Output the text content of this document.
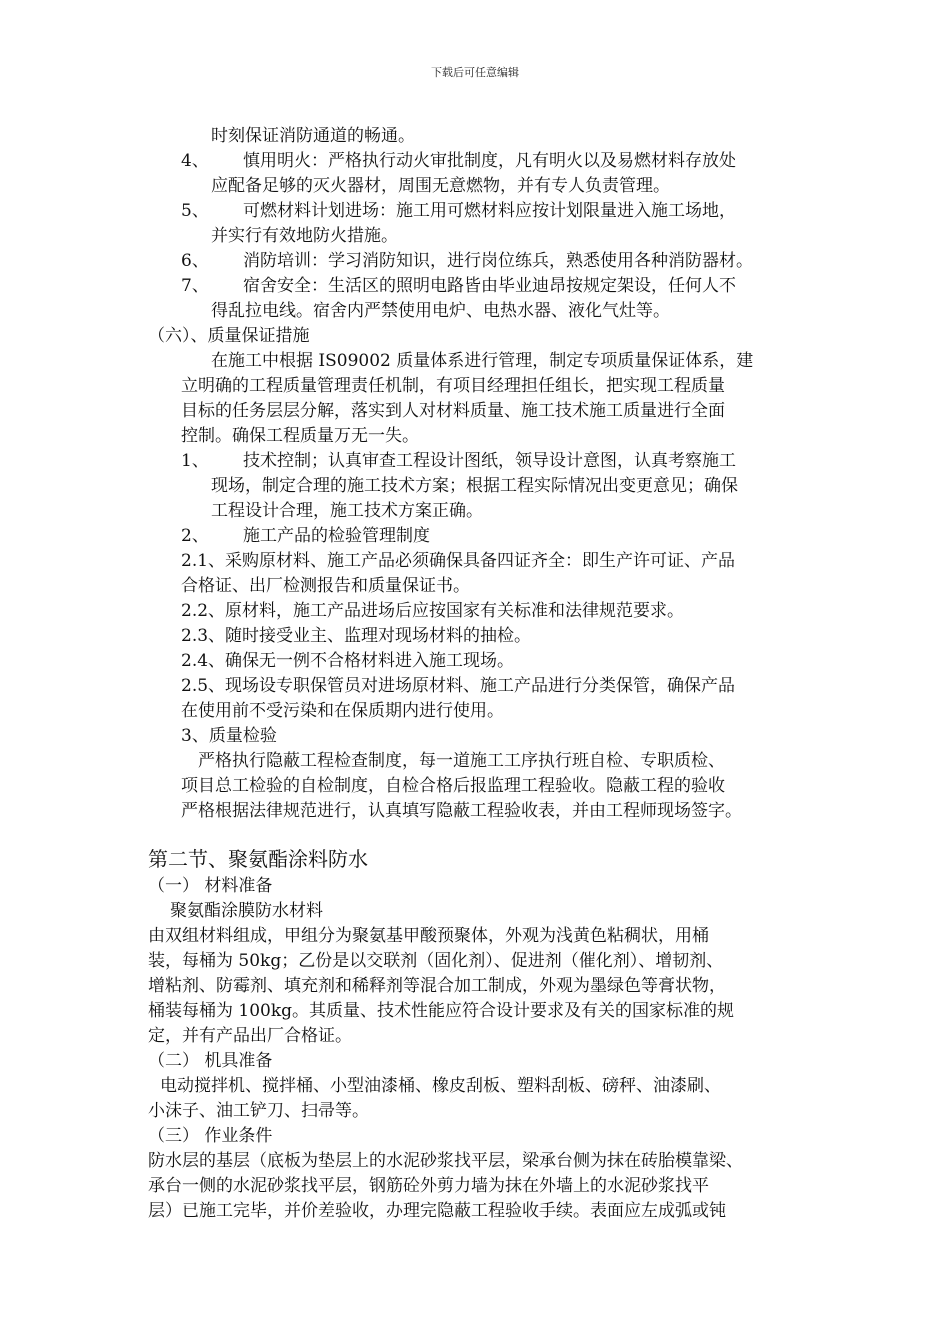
下载后可任意编辑
时刻保证消防通道的畅通。
4、 慎用明火：严格执行动火审批制度，凡有明火以及易燃材料存放处
应配备足够的灭火器材，周围无意燃物，并有专人负责管理。
5、 可燃材料计划进场：施工用可燃材料应按计划限量进入施工场地，
并实行有效地防火措施。
6、 消防培训：学习消防知识，进行岗位练兵，熟悉使用各种消防器材。
7、 宿舍安全：生活区的照明电路皆由毕业迪昂按规定架设，任何人不
得乱拉电线。宿舍内严禁使用电炉、电热水器、液化气灶等。
（六）、质量保证措施
在施工中根据 IS09002 质量体系进行管理，制定专项质量保证体系，建
立明确的工程质量管理责任机制，有项目经理担任组长，把实现工程质量
目标的任务层层分解，落实到人对材料质量、施工技术施工质量进行全面
控制。确保工程质量万无一失。
1、 技术控制；认真审查工程设计图纸，领导设计意图，认真考察施工
现场，制定合理的施工技术方案；根据工程实际情况出变更意见；确保
工程设计合理，施工技术方案正确。
2、 施工产品的检验管理制度
2.1、采购原材料、施工产品必须确保具备四证齐全：即生产许可证、产品
合格证、出厂检测报告和质量保证书。
2.2、原材料，施工产品进场后应按国家有关标准和法律规范要求。
2.3、随时接受业主、监理对现场材料的抽检。
2.4、确保无一例不合格材料进入施工现场。
2.5、现场设专职保管员对进场原材料、施工产品进行分类保管，确保产品
在使用前不受污染和在保质期内进行使用。
3、质量检验
严格执行隐蔽工程检查制度，每一道施工工序执行班自检、专职质检、
项目总工检验的自检制度，自检合格后报监理工程验收。隐蔽工程的验收
严格根据法律规范进行，认真填写隐蔽工程验收表，并由工程师现场签字。
第二节、聚氨酯涂料防水
（一） 材料准备
聚氨酯涂膜防水材料
由双组材料组成，甲组分为聚氨基甲酸预聚体，外观为浅黄色粘稠状，用桶
装，每桶为 50kg；乙份是以交联剂（固化剂）、促进剂（催化剂）、增韧剂、
增粘剂、防霉剂、填充剂和稀释剂等混合加工制成，外观为墨绿色等膏状物，
桶装每桶为 100kg。其质量、技术性能应符合设计要求及有关的国家标准的规
定，并有产品出厂合格证。
（二） 机具准备
电动搅拌机、搅拌桶、小型油漆桶、橡皮刮板、塑料刮板、磅秤、油漆刷、
小沫子、油工铲刀、扫帚等。
（三） 作业条件
防水层的基层（底板为垫层上的水泥砂浆找平层，梁承台侧为抹在砖胎模靠梁、
承台一侧的水泥砂浆找平层，钢筋砼外剪力墙为抹在外墙上的水泥砂浆找平
层）已施工完毕，并价差验收，办理完隐蔽工程验收手续。表面应左成弧或钝
